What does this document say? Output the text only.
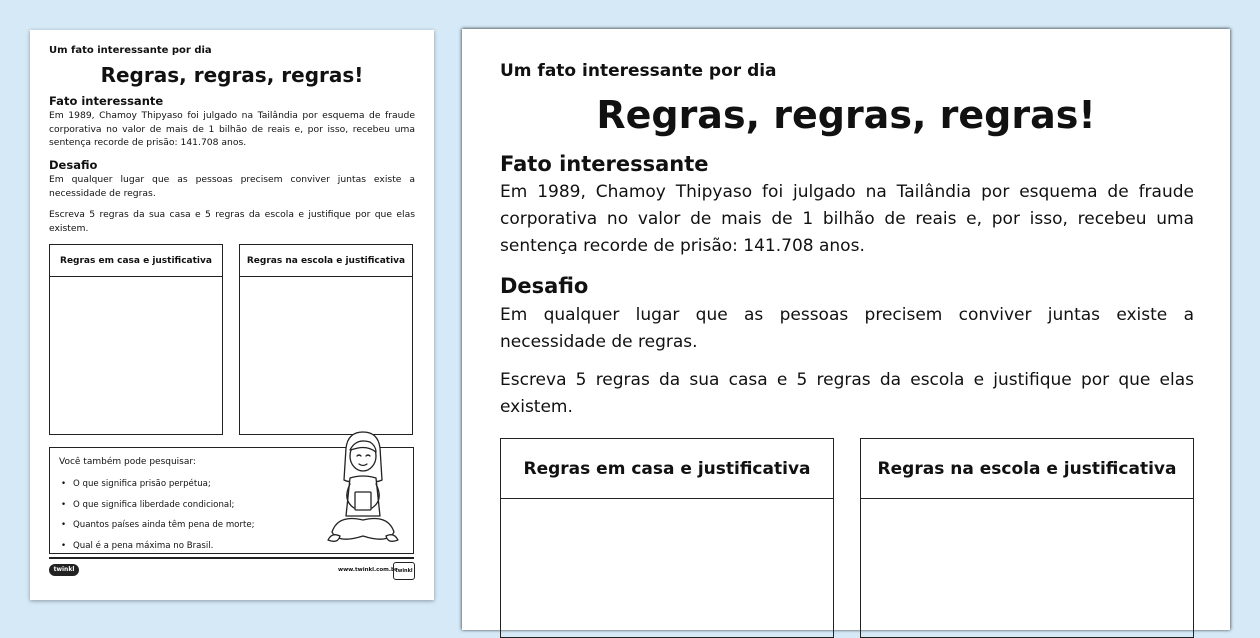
Um fato interessante por dia
Regras, regras, regras!
Fato interessante
Em 1989, Chamoy Thipyaso foi julgado na Tailândia por esquema de fraude corporativa no valor de mais de 1 bilhão de reais e, por isso, recebeu uma sentença recorde de prisão: 141.708 anos.
Desafio
Em qualquer lugar que as pessoas precisem conviver juntas existe a necessidade de regras.
Escreva 5 regras da sua casa e 5 regras da escola e justifique por que elas existem.
Regras em casa e justificativa	Regras na escola e justificativa
Você também pode pesquisar:
• O que significa prisão perpétua;
• O que significa liberdade condicional;
• Quantos países ainda têm pena de morte;
• Qual é a pena máxima no Brasil.
twinkl	www.twinkl.com.br
twinkl
Um fato interessante por dia
Regras, regras, regras!
Fato interessante
Em 1989, Chamoy Thipyaso foi julgado na Tailândia por esquema de fraude corporativa no valor de mais de 1 bilhão de reais e, por isso, recebeu uma sentença recorde de prisão: 141.708 anos.
Desafio
Em qualquer lugar que as pessoas precisem conviver juntas existe a necessidade de regras.
Escreva 5 regras da sua casa e 5 regras da escola e justifique por que elas existem.
Regras em casa e justificativa	Regras na escola e justificativa
